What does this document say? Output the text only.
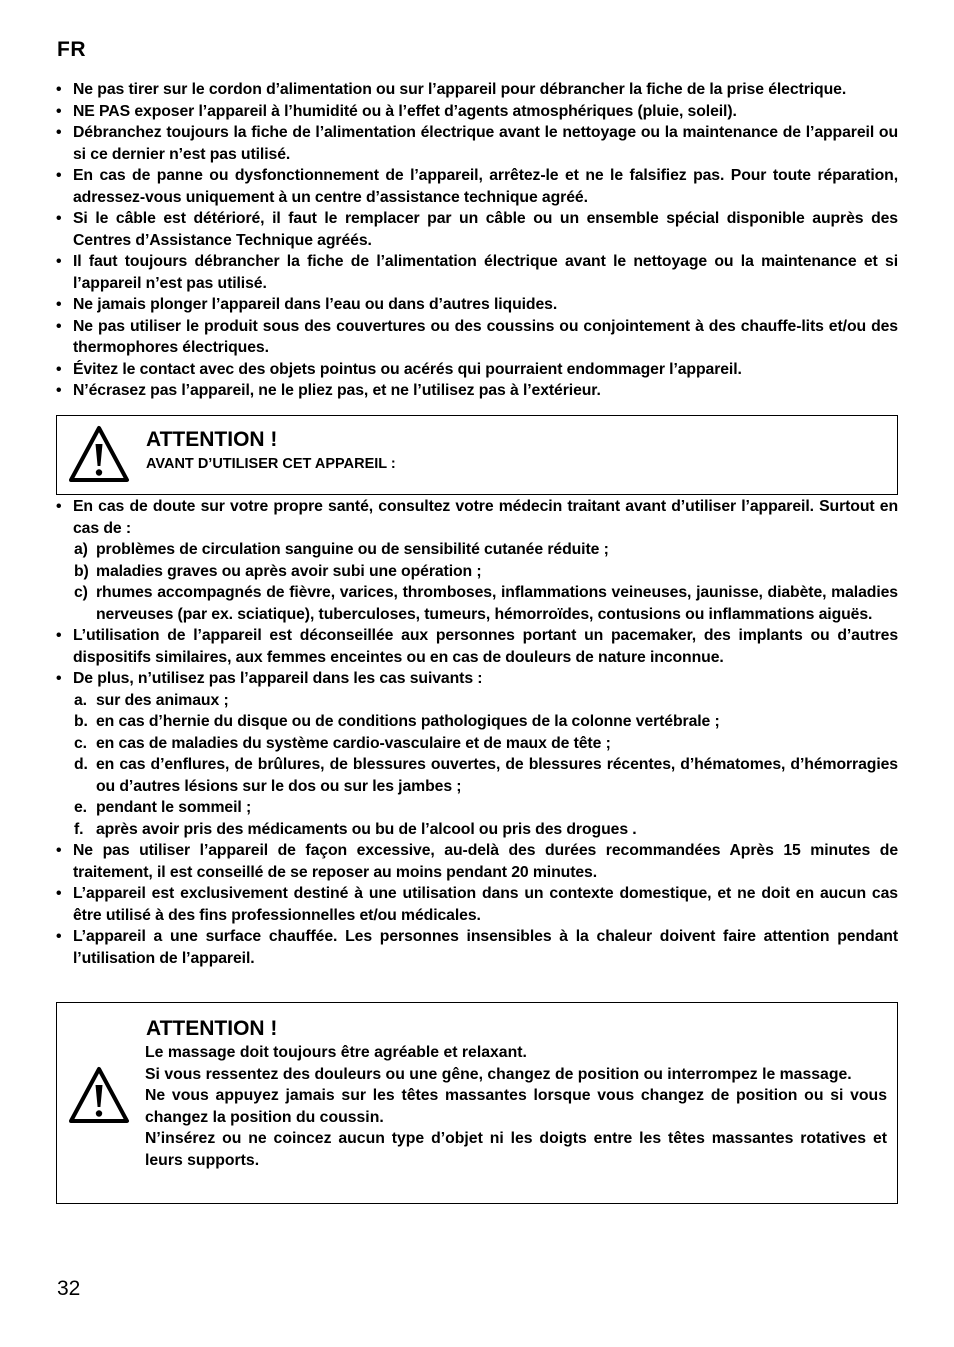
FR
• Ne pas tirer sur le cordon d’alimentation ou sur l’appareil pour débrancher la fiche de la prise électrique.
• NE PAS exposer l’appareil à l’humidité ou à l’effet d’agents atmosphériques (pluie, soleil).
• Débranchez toujours la fiche de l’alimentation électrique avant le nettoyage ou la maintenance de l’appareil ou si ce dernier n’est pas utilisé.
• En cas de panne ou dysfonctionnement de l’appareil, arrêtez-le et ne le falsifiez pas. Pour toute réparation, adressez-vous uniquement à un centre d’assistance technique agréé.
• Si le câble est détérioré, il faut le remplacer par un câble ou un ensemble spécial disponible auprès des Centres d’Assistance Technique agréés.
• Il faut toujours débrancher la fiche de l’alimentation électrique avant le nettoyage ou la maintenance et si l’appareil n’est pas utilisé.
• Ne jamais plonger l’appareil dans l’eau ou dans d’autres liquides.
• Ne pas utiliser le produit sous des couvertures ou des coussins ou conjointement à des chauffe-lits et/ou des thermophores électriques.
• Évitez le contact avec des objets pointus ou acérés qui pourraient endommager l’appareil.
• N’écrasez pas l’appareil, ne le pliez pas, et ne l’utilisez pas à l’extérieur.
ATTENTION !
AVANT D’UTILISER CET APPAREIL :
• En cas de doute sur votre propre santé, consultez votre médecin traitant avant d’utiliser l’appareil. Surtout en cas de :
a) problèmes de circulation sanguine ou de sensibilité cutanée réduite ;
b) maladies graves ou après avoir subi une opération ;
c) rhumes accompagnés de fièvre, varices, thromboses, inflammations veineuses, jaunisse, diabète, maladies nerveuses (par ex. sciatique), tuberculoses, tumeurs, hémorroïdes, contusions ou inflammations aiguës.
• L’utilisation de l’appareil est déconseillée aux personnes portant un pacemaker, des implants ou d’autres dispositifs similaires, aux femmes enceintes ou en cas de douleurs de nature inconnue.
• De plus, n’utilisez pas l’appareil dans les cas suivants :
a. sur des animaux ;
b. en cas d’hernie du disque ou de conditions pathologiques de la colonne vertébrale ;
c. en cas de maladies du système cardio-vasculaire et de maux de tête ;
d. en cas d’enflures, de brûlures, de blessures ouvertes, de blessures récentes, d’hématomes, d’hémorragies ou d’autres lésions sur le dos ou sur les jambes ;
e. pendant le sommeil ;
f. après avoir pris des médicaments ou bu de l’alcool ou pris des drogues .
• Ne pas utiliser l’appareil de façon excessive, au-delà des durées recommandées Après 15 minutes de traitement, il est conseillé de se reposer au moins pendant 20 minutes.
• L’appareil est exclusivement destiné à une utilisation dans un contexte domestique, et ne doit en aucun cas être utilisé à des fins professionnelles et/ou médicales.
• L’appareil a une surface chauffée. Les personnes insensibles à la chaleur doivent faire attention pendant l’utilisation de l’appareil.
ATTENTION !

Le massage doit toujours être agréable et relaxant.

Si vous ressentez des douleurs ou une gêne, changez de position ou interrompez le massage.

Ne vous appuyez jamais sur les têtes massantes lorsque vous changez de position ou si vous changez la position du coussin.

N’insérez ou ne coincez aucun type d’objet ni les doigts entre les têtes massantes rotatives et leurs supports.

32
